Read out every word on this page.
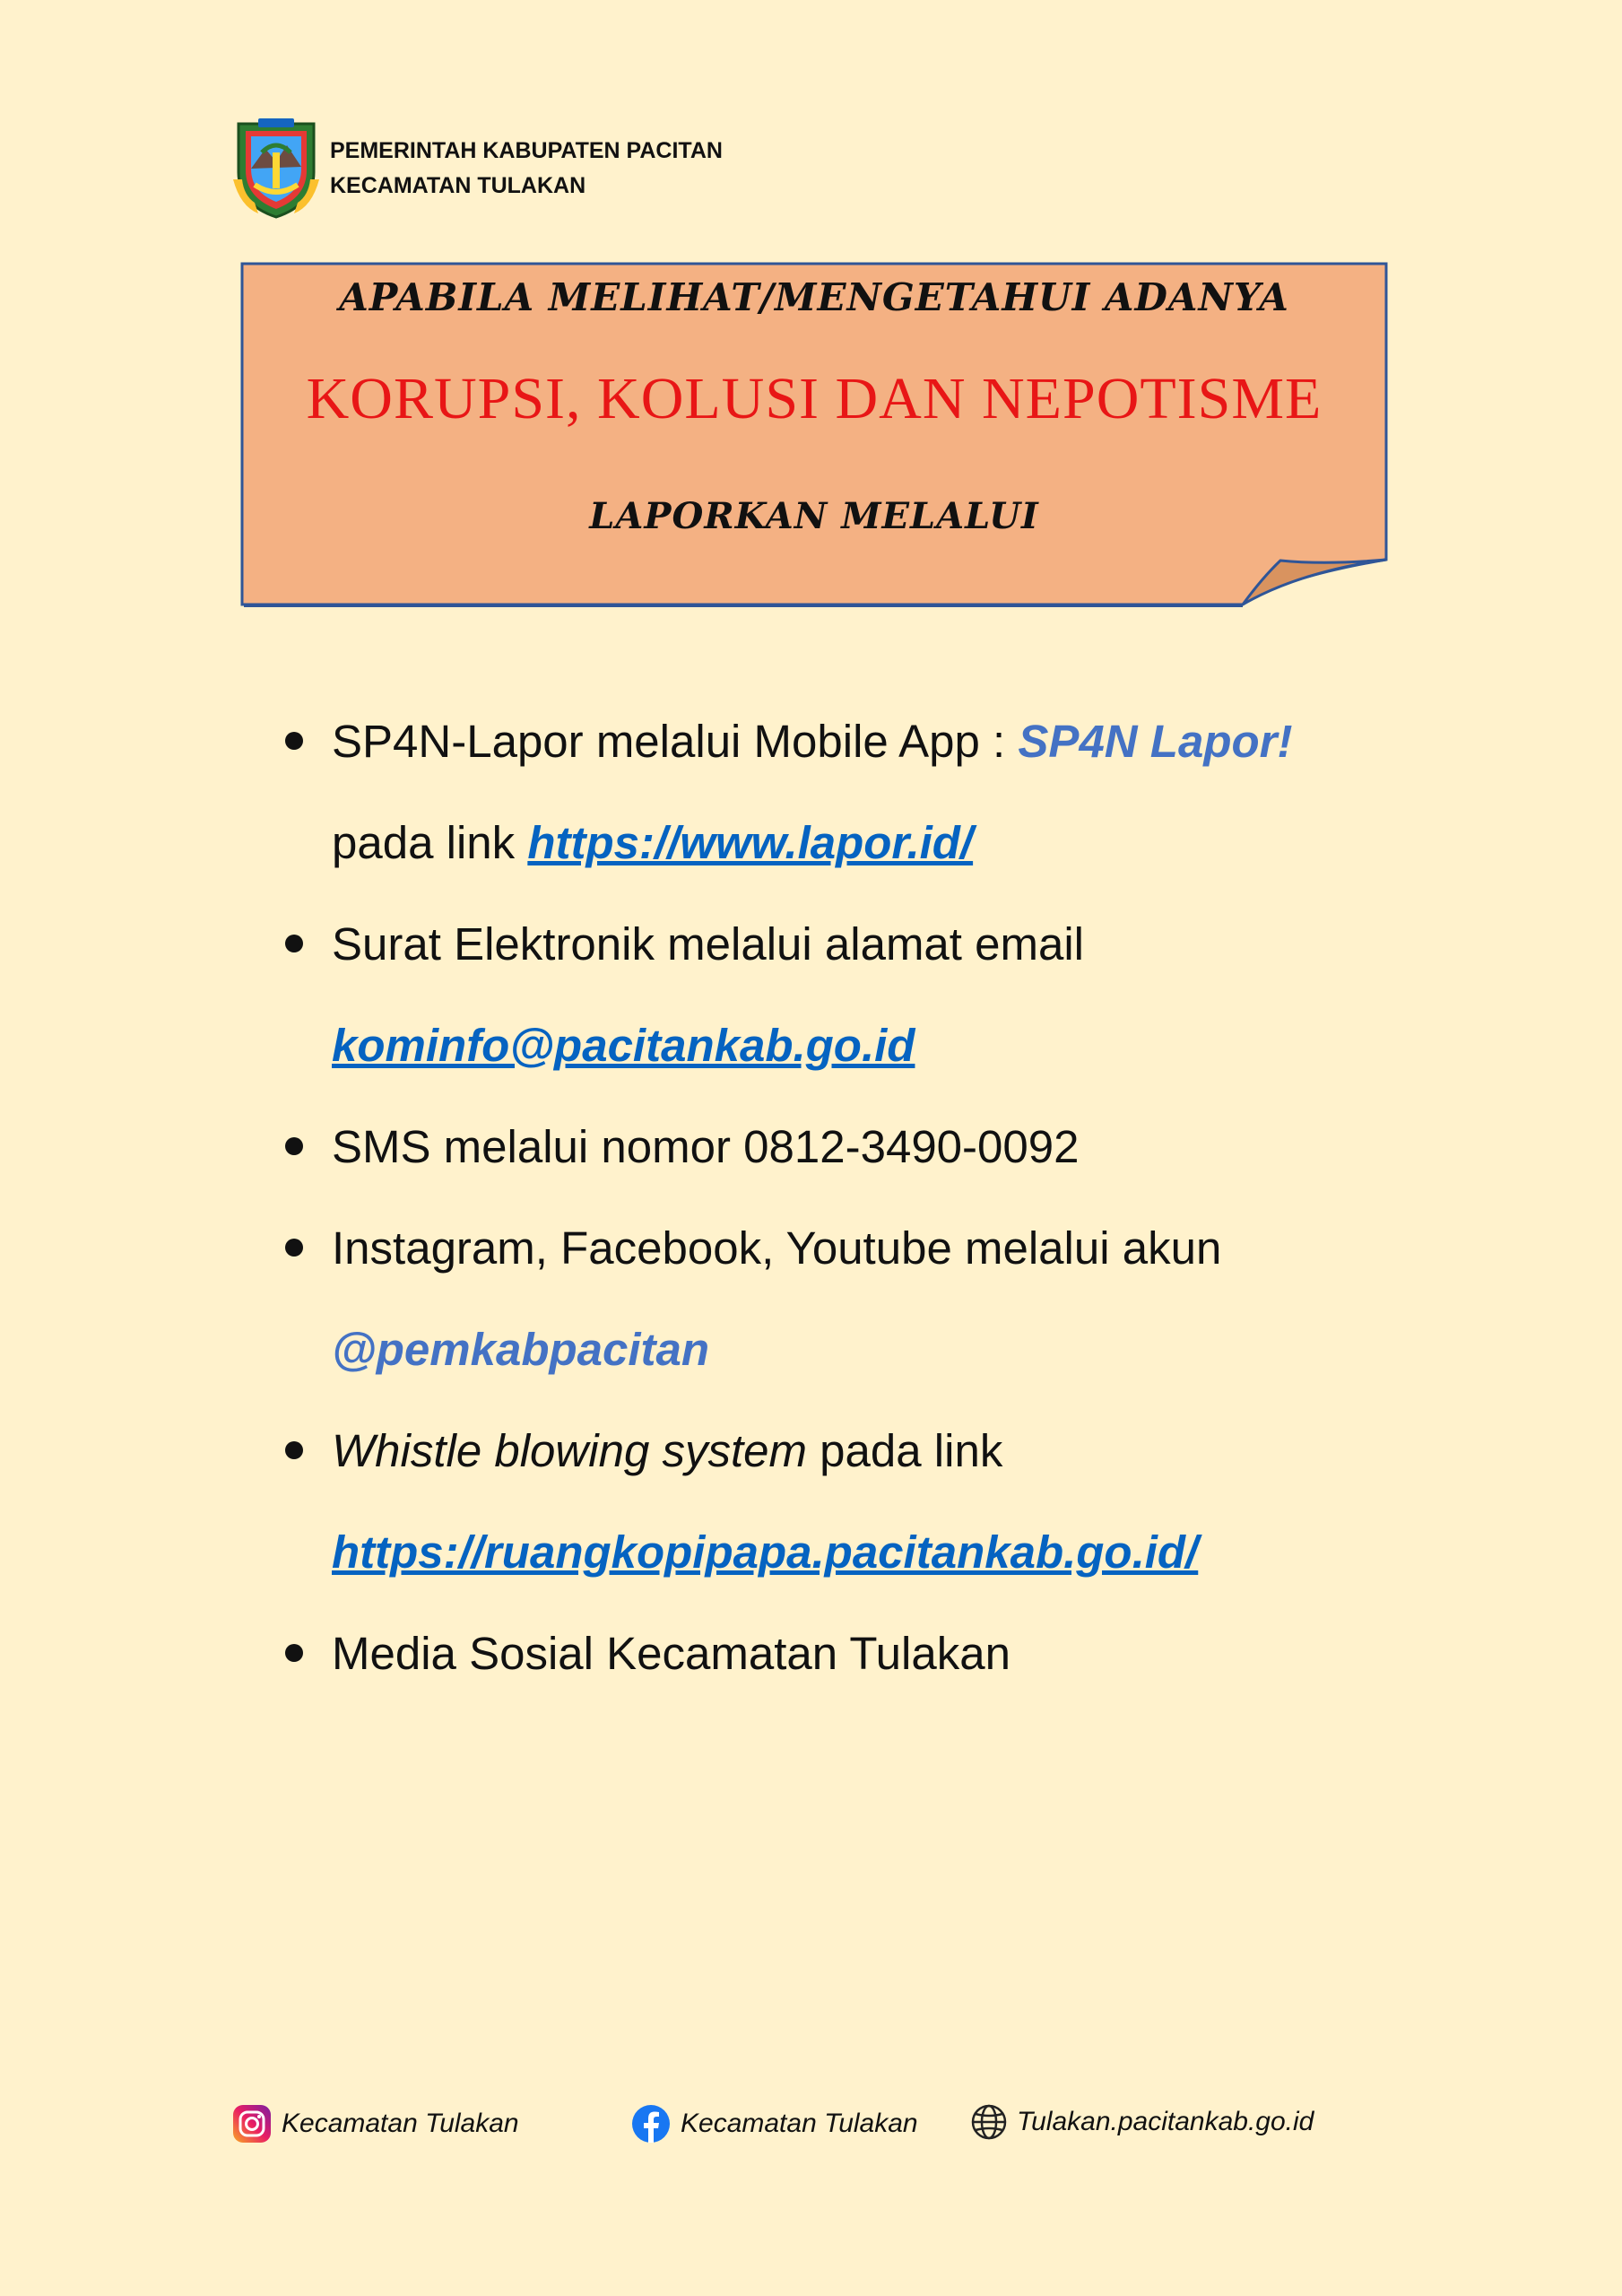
PEMERINTAH KABUPATEN PACITAN
KECAMATAN TULAKAN
APABILA MELIHAT/MENGETAHUI ADANYA
KORUPSI, KOLUSI DAN NEPOTISME
LAPORKAN MELALUI
SP4N-Lapor melalui Mobile App : SP4N Lapor!
pada link https://www.lapor.id/
Surat Elektronik melalui alamat email
kominfo@pacitankab.go.id
SMS melalui nomor 0812-3490-0092
Instagram, Facebook, Youtube melalui akun
@pemkabpacitan
Whistle blowing system pada link
https://ruangkopipapa.pacitankab.go.id/
Media Sosial Kecamatan Tulakan
Kecamatan Tulakan	Kecamatan Tulakan	Tulakan.pacitankab.go.id
